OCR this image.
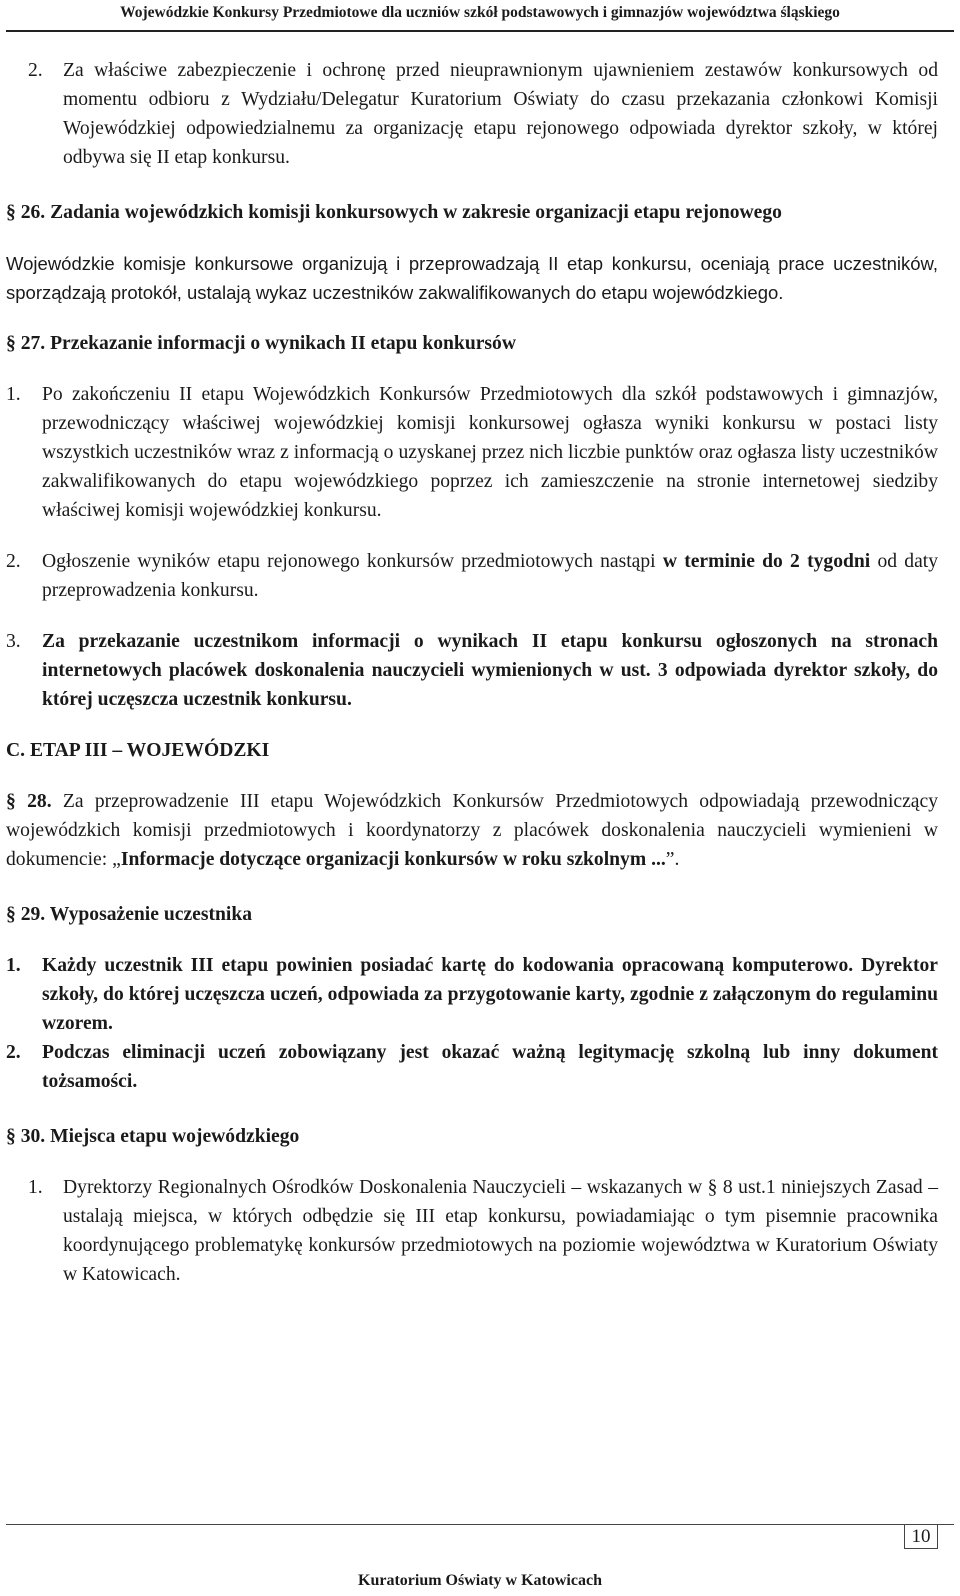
Wojewódzkie Konkursy Przedmiotowe dla uczniów szkół podstawowych i gimnazjów województwa śląskiego
2. Za właściwe zabezpieczenie i ochronę przed nieuprawnionym ujawnieniem zestawów konkursowych od momentu odbioru z Wydziału/Delegatur Kuratorium Oświaty do czasu przekazania członkowi Komisji Wojewódzkiej odpowiedzialnemu za organizację etapu rejonowego odpowiada dyrektor szkoły, w której odbywa się II etap konkursu.
§ 26. Zadania wojewódzkich komisji konkursowych w zakresie organizacji etapu rejonowego
Wojewódzkie komisje konkursowe organizują i przeprowadzają II etap konkursu, oceniają prace uczestników, sporządzają protokół, ustalają wykaz uczestników zakwalifikowanych do etapu wojewódzkiego.
§ 27. Przekazanie informacji o wynikach II etapu konkursów
1. Po zakończeniu II etapu Wojewódzkich Konkursów Przedmiotowych dla szkół podstawowych i gimnazjów, przewodniczący właściwej wojewódzkiej komisji konkursowej ogłasza wyniki konkursu w postaci listy wszystkich uczestników wraz z informacją o uzyskanej przez nich liczbie punktów oraz ogłasza listy uczestników zakwalifikowanych do etapu wojewódzkiego poprzez ich zamieszczenie na stronie internetowej siedziby właściwej komisji wojewódzkiej konkursu.
2. Ogłoszenie wyników etapu rejonowego konkursów przedmiotowych nastąpi w terminie do 2 tygodni od daty przeprowadzenia konkursu.
3. Za przekazanie uczestnikom informacji o wynikach II etapu konkursu ogłoszonych na stronach internetowych placówek doskonalenia nauczycieli wymienionych w ust. 3 odpowiada dyrektor szkoły, do której uczęszcza uczestnik konkursu.
C. ETAP III – WOJEWÓDZKI
§ 28. Za przeprowadzenie III etapu Wojewódzkich Konkursów Przedmiotowych odpowiadają przewodniczący wojewódzkich komisji przedmiotowych i koordynatorzy z placówek doskonalenia nauczycieli wymienieni w dokumencie: „Informacje dotyczące organizacji konkursów w roku szkolnym ...”.
§ 29. Wyposażenie uczestnika
1. Każdy uczestnik III etapu powinien posiadać kartę do kodowania opracowaną komputerowo. Dyrektor szkoły, do której uczęszcza uczeń, odpowiada za przygotowanie karty, zgodnie z załączonym do regulaminu wzorem.
2. Podczas eliminacji uczeń zobowiązany jest okazać ważną legitymację szkolną lub inny dokument tożsamości.
§ 30. Miejsca etapu wojewódzkiego
1. Dyrektorzy Regionalnych Ośrodków Doskonalenia Nauczycieli – wskazanych w § 8 ust.1 niniejszych Zasad – ustalają miejsca, w których odbędzie się III etap konkursu, powiadamiając o tym pisemnie pracownika koordynującego problematykę konkursów przedmiotowych na poziomie województwa w Kuratorium Oświaty w Katowicach.
10
Kuratorium Oświaty w Katowicach
